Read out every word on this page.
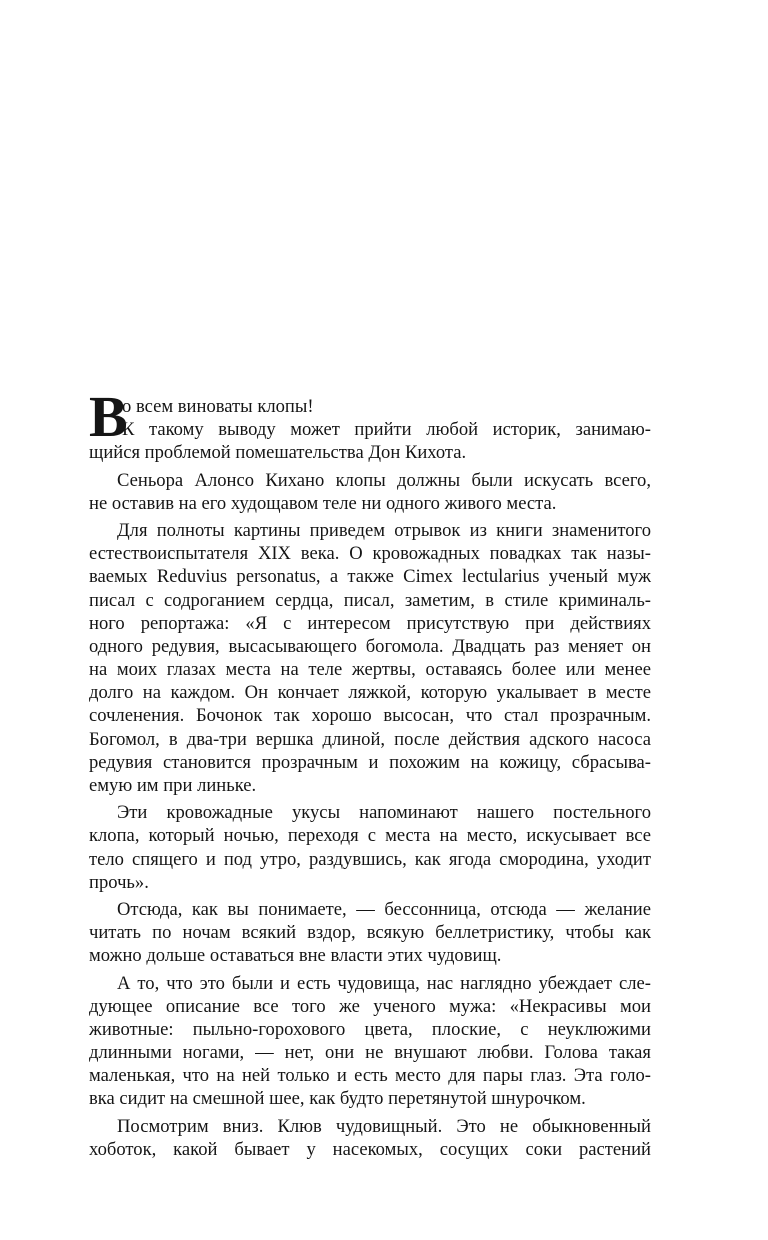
В
о всем виноваты клопы!
К такому выводу может прийти любой историк, занимаю-
щийся проблемой помешательства Дон Кихота.
Сеньора Алонсо Кихано клопы должны были искусать всего,
не оставив на его худощавом теле ни одного живого места.
Для полноты картины приведем отрывок из книги знаменитого
естествоиспытателя XIX века. О кровожадных повадках так назы-
ваемых Reduvius personatus, а также Cimex lectularius ученый муж
писал с содроганием сердца, писал, заметим, в стиле криминаль-
ного репортажа: «Я с интересом присутствую при действиях
одного редувия, высасывающего богомола. Двадцать раз меняет он
на моих глазах места на теле жертвы, оставаясь более или менее
долго на каждом. Он кончает ляжкой, которую укалывает в месте
сочленения. Бочонок так хорошо высосан, что стал прозрачным.
Богомол, в два-три вершка длиной, после действия адского насоса
редувия становится прозрачным и похожим на кожицу, сбрасыва-
емую им при линьке.
Эти кровожадные укусы напоминают нашего постельного
клопа, который ночью, переходя с места на место, искусывает все
тело спящего и под утро, раздувшись, как ягода смородина, уходит
прочь».
Отсюда, как вы понимаете, — бессонница, отсюда — желание
читать по ночам всякий вздор, всякую беллетристику, чтобы как
можно дольше оставаться вне власти этих чудовищ.
А то, что это были и есть чудовища, нас наглядно убеждает сле-
дующее описание все того же ученого мужа: «Некрасивы мои
животные: пыльно-горохового цвета, плоские, с неуклюжими
длинными ногами, — нет, они не внушают любви. Голова такая
маленькая, что на ней только и есть место для пары глаз. Эта голо-
вка сидит на смешной шее, как будто перетянутой шнурочком.
Посмотрим вниз. Клюв чудовищный. Это не обыкновенный
хоботок, какой бывает у насекомых, сосущих соки растений
